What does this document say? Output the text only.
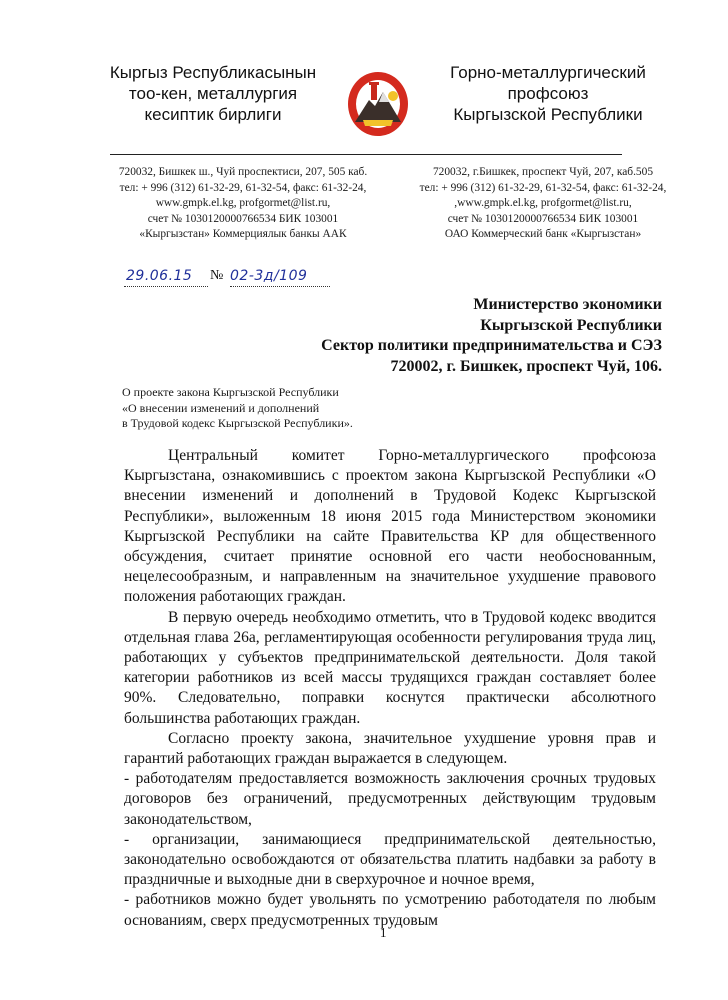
Кыргыз Республикасынын
тоо-кен, металлургия
кесиптик бирлиги
Горно-металлургический
профсоюз
Кыргызской Республики
720032, Бишкек ш., Чуй проспектиси, 207, 505 каб.
тел: + 996 (312) 61-32-29, 61-32-54, факс: 61-32-24,
www.gmpk.el.kg, profgormet@list.ru,
счет № 1030120000766534 БИК 103001
«Кыргызстан» Коммерциялык банкы ААК
720032, г.Бишкек, проспект Чуй, 207, каб.505
тел: + 996 (312) 61-32-29, 61-32-54, факс: 61-32-24,
,www.gmpk.el.kg, profgormet@list.ru,
счет № 1030120000766534 БИК 103001
ОАО Коммерческий банк «Кыргызстан»
29.06.15 № 02-3д/109
Министерство экономики
Кыргызской Республики
Сектор политики предпринимательства и СЭЗ
720002, г. Бишкек, проспект Чуй, 106.
О проекте закона Кыргызской Республики
«О внесении изменений и дополнений
в Трудовой кодекс Кыргызской Республики».

Центральный комитет Горно-металлургического профсоюза Кыргызстана, ознакомившись с проектом закона Кыргызской Республики «О внесении изменений и дополнений в Трудовой Кодекс Кыргызской Республики», выложенным 18 июня 2015 года Министерством экономики Кыргызской Республики на сайте Правительства КР для общественного обсуждения, считает принятие основной его части необоснованным, нецелесообразным, и направленным на значительное ухудшение правового положения работающих граждан.

В первую очередь необходимо отметить, что в Трудовой кодекс вводится отдельная глава 26а, регламентирующая особенности регулирования труда лиц, работающих у субъектов предпринимательской деятельности. Доля такой категории работников из всей массы трудящихся граждан составляет более 90%. Следовательно, поправки коснутся практически абсолютного большинства работающих граждан.

Согласно проекту закона, значительное ухудшение уровня прав и гарантий работающих граждан выражается в следующем.

- работодателям предоставляется возможность заключения срочных трудовых договоров без ограничений, предусмотренных действующим трудовым законодательством,

- организации, занимающиеся предпринимательской деятельностью, законодательно освобождаются от обязательства платить надбавки за работу в праздничные и выходные дни в сверхурочное и ночное время,

- работников можно будет увольнять по усмотрению работодателя по любым основаниям, сверх предусмотренных трудовым

1
